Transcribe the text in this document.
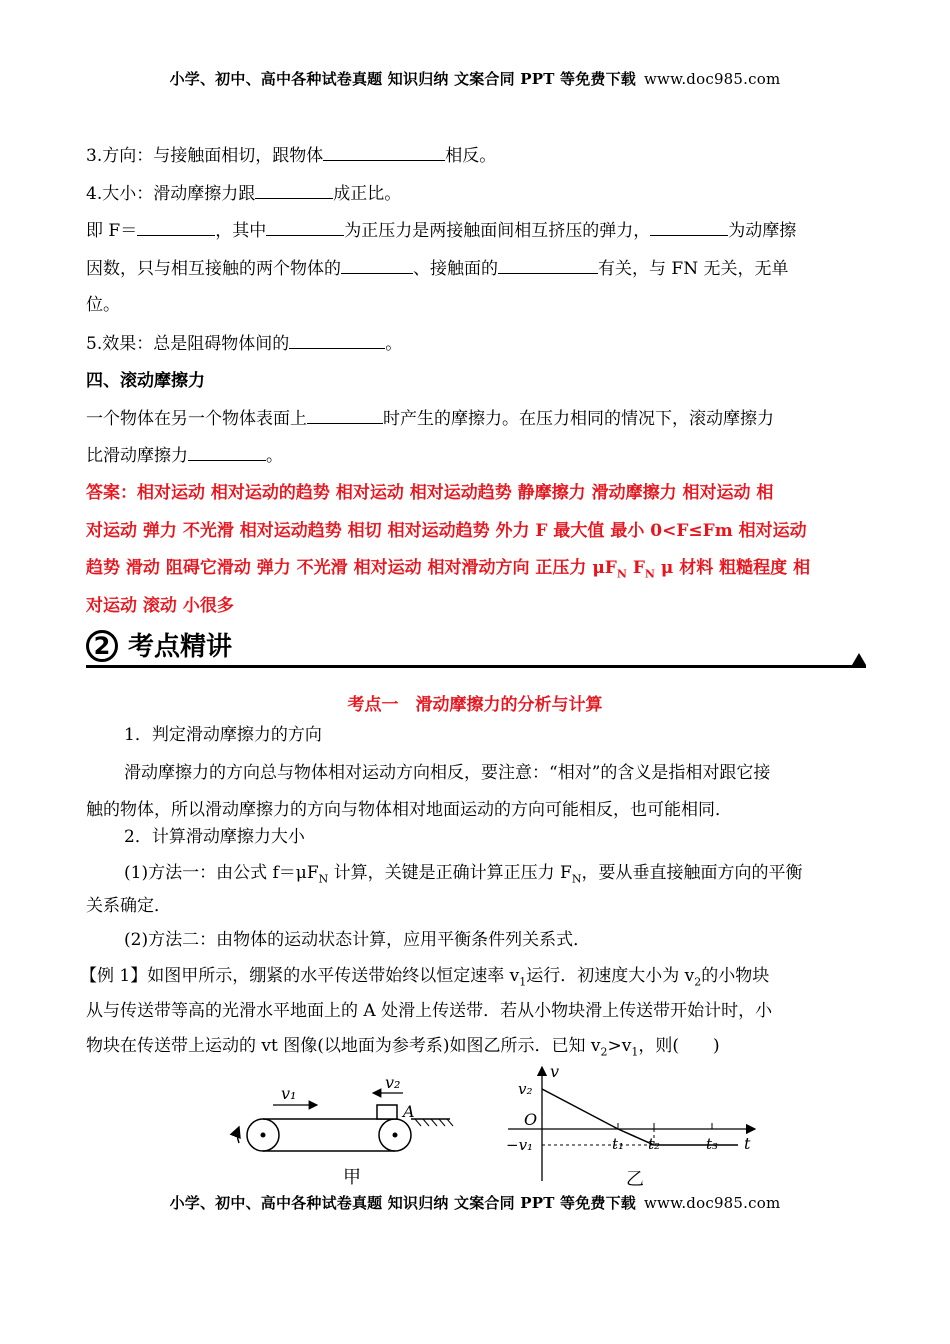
小学、初中、高中各种试卷真题 知识归纳 文案合同 PPT 等免费下载 www.doc985.com
3.方向：与接触面相切，跟物体	相反。
4.大小：滑动摩擦力跟	成正比。
即 F＝	，其中	为正压力是两接触面间相互挤压的弹力，	为动摩擦
因数，只与相互接触的两个物体的	、接触面的	有关，与 FN 无关，无单
位。
5.效果：总是阻碍物体间的	。
四、滚动摩擦力
一个物体在另一个物体表面上	时产生的摩擦力。在压力相同的情况下，滚动摩擦力
比滑动摩擦力	。
答案：相对运动 相对运动的趋势 相对运动 相对运动趋势 静摩擦力 滑动摩擦力 相对运动 相
对运动 弹力 不光滑 相对运动趋势 相切 相对运动趋势 外力 F 最大值 最小 0<F≤Fm 相对运动
趋势 滑动 阻碍它滑动 弹力 不光滑 相对运动 相对滑动方向 正压力 $\mu F_N$ $F_N$ μ 材料 粗糙程度 相
对运动 滚动 小很多
2 考点精讲
考点一　滑动摩擦力的分析与计算
1．判定滑动摩擦力的方向
滑动摩擦力的方向总与物体相对运动方向相反，要注意：“相对”的含义是指相对跟它接
触的物体，所以滑动摩擦力的方向与物体相对地面运动的方向可能相反，也可能相同．
2．计算滑动摩擦力大小
(1)方法一：由公式 $f=\mu F_N$ 计算，关键是正确计算正压力 $F_N$，要从垂直接触面方向的平衡
关系确定．
(2)方法二：由物体的运动状态计算，应用平衡条件列关系式．
【例 1】如图甲所示，绷紧的水平传送带始终以恒定速率 $v_1$运行．初速度大小为 $v_2$的小物块
从与传送带等高的光滑水平地面上的 A 处滑上传送带．若从小物块滑上传送带开始计时，小
物块在传送带上运动的 vt 图像(以地面为参考系)如图乙所示．已知 $v_2>v_1$，则(　　)
A
v₁
v₂
甲
v
t
O
v₂
−v₁	t₁ t₂	t₃
乙
小学、初中、高中各种试卷真题 知识归纳 文案合同 PPT 等免费下载 www.doc985.com
